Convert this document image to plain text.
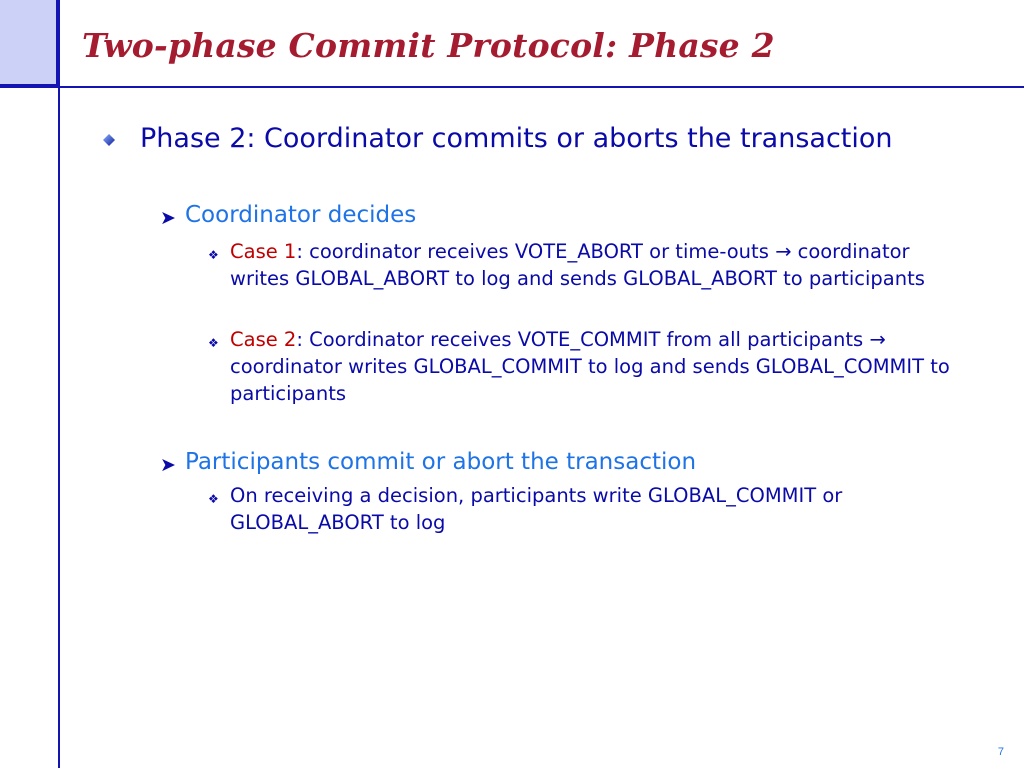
Two-phase Commit Protocol: Phase 2

Phase 2: Coordinator commits or aborts the transaction

➤ Coordinator decides

❖ Case 1: coordinator receives VOTE_ABORT or time-outs → coordinator writes GLOBAL_ABORT to log and sends GLOBAL_ABORT to participants

❖ Case 2: Coordinator receives VOTE_COMMIT from all participants → coordinator writes GLOBAL_COMMIT to log and sends GLOBAL_COMMIT to participants

➤ Participants commit or abort the transaction

❖ On receiving a decision, participants write GLOBAL_COMMIT or GLOBAL_ABORT to log

7
